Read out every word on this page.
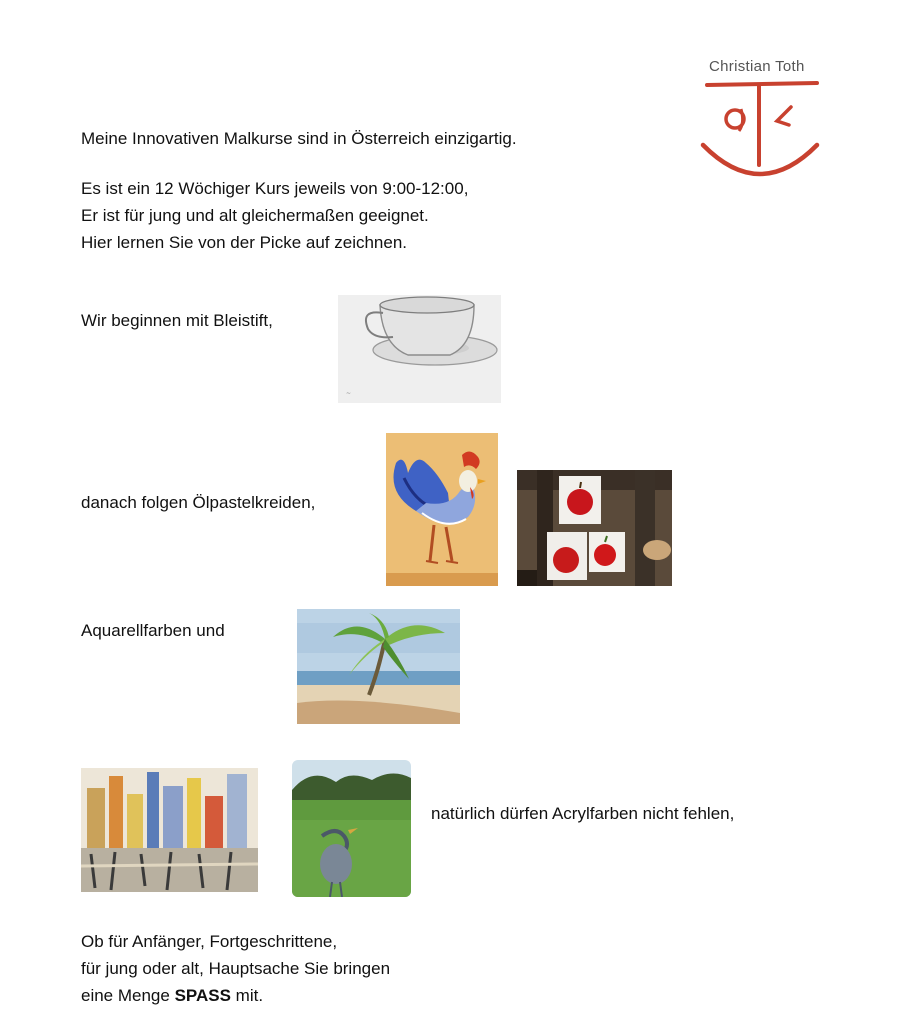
Christian Toth
Meine Innovativen Malkurse sind in Österreich einzigartig.
Es ist ein 12 Wöchiger Kurs jeweils von 9:00-12:00,
Er ist für jung und alt gleichermaßen geeignet.
Hier lernen Sie von der Picke auf zeichnen.
Wir beginnen mit Bleistift,
~
danach folgen Ölpastelkreiden,
Aquarellfarben und
natürlich dürfen Acrylfarben nicht fehlen,
Ob für Anfänger, Fortgeschrittene,
für jung oder alt, Hauptsache Sie bringen
eine Menge SPASS mit.
